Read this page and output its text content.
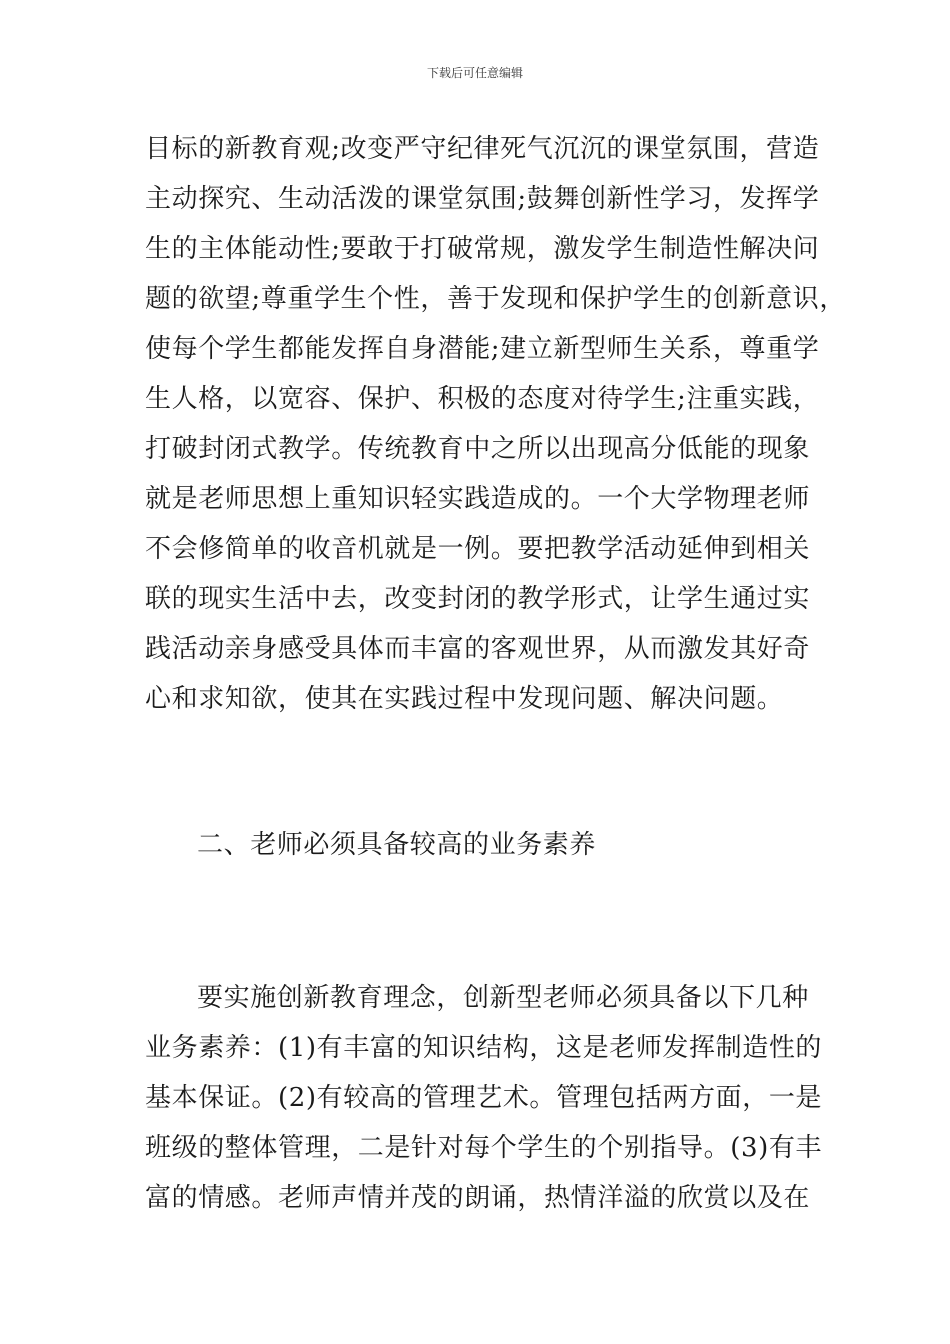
下载后可任意编辑
目标的新教育观;改变严守纪律死气沉沉的课堂氛围，营造
主动探究、生动活泼的课堂氛围;鼓舞创新性学习，发挥学
生的主体能动性;要敢于打破常规，激发学生制造性解决问
题的欲望;尊重学生个性，善于发现和保护学生的创新意识，
使每个学生都能发挥自身潜能;建立新型师生关系，尊重学
生人格，以宽容、保护、积极的态度对待学生;注重实践，
打破封闭式教学。传统教育中之所以出现高分低能的现象
就是老师思想上重知识轻实践造成的。一个大学物理老师
不会修简单的收音机就是一例。要把教学活动延伸到相关
联的现实生活中去，改变封闭的教学形式，让学生通过实
践活动亲身感受具体而丰富的客观世界，从而激发其好奇
心和求知欲，使其在实践过程中发现问题、解决问题。
二、老师必须具备较高的业务素养
要实施创新教育理念，创新型老师必须具备以下几种
业务素养：(1)有丰富的知识结构，这是老师发挥制造性的
基本保证。(2)有较高的管理艺术。管理包括两方面，一是
班级的整体管理，二是针对每个学生的个别指导。(3)有丰
富的情感。老师声情并茂的朗诵，热情洋溢的欣赏以及在
